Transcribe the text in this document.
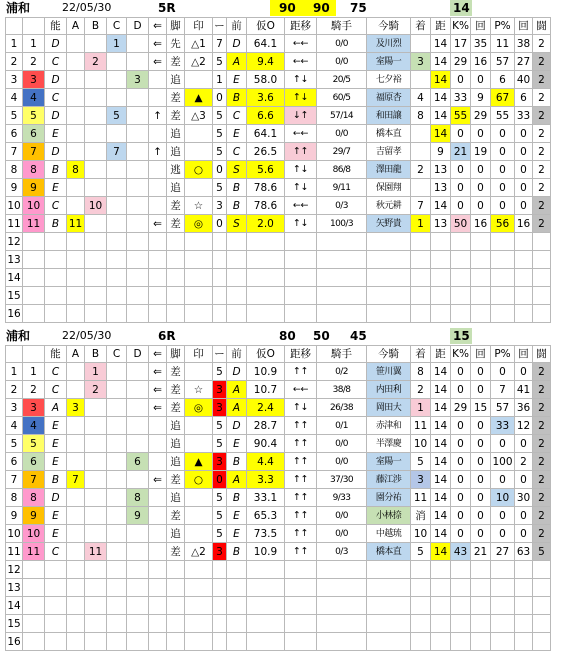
浦和	22/05/30	5R	90 90 75	14
		能	A	B	C	D	⇐	脚	印	ー	前	仮O	距移	騎手	今騎	着	距	K%	回	P%	回	闘
1	1	D			1		⇐	先	△1	7	D	64.1	←←	0/0	及川烈		14	17	35	11	38	2
2	2	C		2			⇐	差	△2	5	A	9.4	←←	0/0	室陽一	3	14	29	16	57	27	2
3	3	D				3		追		1	E	58.0	↑↓	20/5	七夕裕		14	0	0	6	40	2
4	4	C						差	▲	0	B	3.6	↑↓	60/5	福原杏	4	14	33	9	67	6	2
5	5	D			5		↑	差	△3	5	C	6.6	↓↑	57/14	和田譲	8	14	55	29	55	33	2
6	6	E						追		5	E	64.1	←←	0/0	橋本直		14	0	0	0	0	2
7	7	D			7		↑	追		5	C	26.5	↑↑	29/7	吉留孝		9	21	19	0	0	2
8	8	B	8					逃	○	0	S	5.6	↑↓	86/8	澤田龍	2	13	0	0	0	0	2
9	9	E						追		5	B	78.6	↑↓	9/11	保園翔		13	0	0	0	0	2
10	10	C		10				差	☆	3	B	78.6	←←	0/3	秋元耕	7	14	0	0	0	0	2
11	11	B	11				⇐	差	◎	0	S	2.0	↑↓	100/3	矢野貴	1	13	50	16	56	16	2
12																						
13																						
14																						
15																						
16																						
浦和	22/05/30	6R	80 50 45	15
		能	A	B	C	D	⇐	脚	印	ー	前	仮O	距移	騎手	今騎	着	距	K%	回	P%	回	闘
1	1	C		1			⇐	差		5	D	10.9	↑↑	0/2	笹川翼	8	14	0	0	0	0	2
2	2	C		2			⇐	差	☆	3	A	10.7	←←	38/8	内田利	2	14	0	0	7	41	2
3	3	A	3				⇐	差	◎	3	A	2.4	↑↓	26/38	岡田大	1	14	29	15	57	36	2
4	4	E						追		5	D	28.7	↑↑	0/1	赤津和	11	14	0	0	33	12	2
5	5	E						追		5	E	90.4	↑↑	0/0	半澤慶	10	14	0	0	0	0	2
6	6	E				6		追	▲	3	B	4.4	↑↑	0/0	室陽一	5	14	0	0	100	2	2
7	7	B	7				⇐	差	○	0	A	3.3	↑↑	37/30	藤江渉	3	14	0	0	0	0	2
8	8	D				8		追		5	B	33.1	↑↑	9/33	園分祐	11	14	0	0	10	30	2
9	9	E				9		差		5	E	65.3	↑↑	0/0	小林捺	消	14	0	0	0	0	2
10	10	E						追		5	E	73.5	↑↑	0/0	中越琉	10	14	0	0	0	0	2
11	11	C		11				差	△2	3	B	10.9	↑↑	0/3	橋本直	5	14	43	21	27	63	5
12																						
13																						
14																						
15																						
16																						
